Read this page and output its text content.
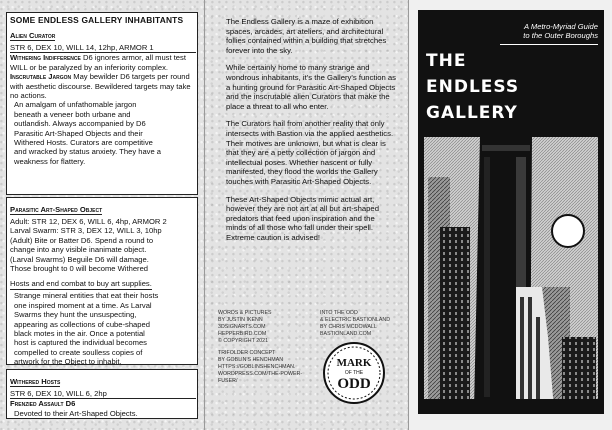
SOME ENDLESS GALLERY INHABITANTS
Alien Curator
STR 6, DEX 10, WILL 14, 12hp, ARMOR 1
Withering Indifference D6 ignores armor, all must test WILL or be paralyzed by an inferiority complex.
Inscrutable Jargon May bewilder D6 targets per round with aesthetic discourse. Bewildered targets may take no actions.
An amalgam of unfathomable jargon
beneath a veneer both urbane and
outlandish. Always accompanied by D6
Parasitic Art-Shaped Objects and their
Withered Hosts. Curators are competitive
and wracked by status anxiety. They have a
weakness for flattery.
Parasitic Art-Shaped Object
Adult: STR 12, DEX 6, WILL 6, 4hp, ARMOR 2
Larval Swarm: STR 3, DEX 12, WILL 3, 10hp
(Adult) Bite or Batter D6. Spend a round to
change into any visible inanimate object.
(Larval Swarms) Beguile D6 will damage.
Those brought to 0 will become Withered
Hosts and end combat to buy art supplies.
Strange mineral entities that eat their hosts
one inspired moment at a time. As Larval
Swarms they hunt the unsuspecting,
appearing as collections of cube-shaped
black motes in the air. Once a potential
host is captured the individual becomes
compelled to create soulless copies of
artwork for the Object to inhabit.
Withered Hosts
STR 6, DEX 10, WILL 6, 2hp
Frenzied Assault D6
Devoted to their Art-Shaped Objects.

The Endless Gallery is a maze of exhibition spaces, arcades, art ateliers, and architectural follies contained within a building that stretches forever into the sky.

While certainly home to many strange and wondrous inhabitants, it's the Gallery's function as a hunting ground for Parasitic Art-Shaped Objects and the inscrutable alien Curators that make the place a threat to all who enter.

The Curators hail from another reality that only intersects with Bastion via the applied aesthetics. Their motives are unknown, but what is clear is that they are a petty collection of jargon and intellectual poses. Whether nascent or fully manifested, they flood the worlds the Gallery touches with Parasitic Art-Shaped Objects.

These Art-Shaped Objects mimic actual art, however they are not art at all but art-shaped predators that feed upon inspiration and the minds of all those who fall under their spell. Extreme caution is advised!

WORDS & PICTURES
BY JUSTIN IKENN
3DSIGNARTS.COM
HEPPERBIRD.COM
© COPYRIGHT 2021
TRIFOLDER CONCEPT
BY GOBLIN'S HENCHMAN
HTTPS://GOBLINSHENCHMAN.
WORDPRESS.COM/THE-POWER-
FUSER/
INTO THE ODD
& ELECTRIC BASTIONLAND
BY CHRIS MCDOWALL
BASTIONLAND.COM
MARK
OF THE
ODD
A Metro-Myriad Guide
to the Outer Boroughs
THE
ENDLESS
GALLERY
